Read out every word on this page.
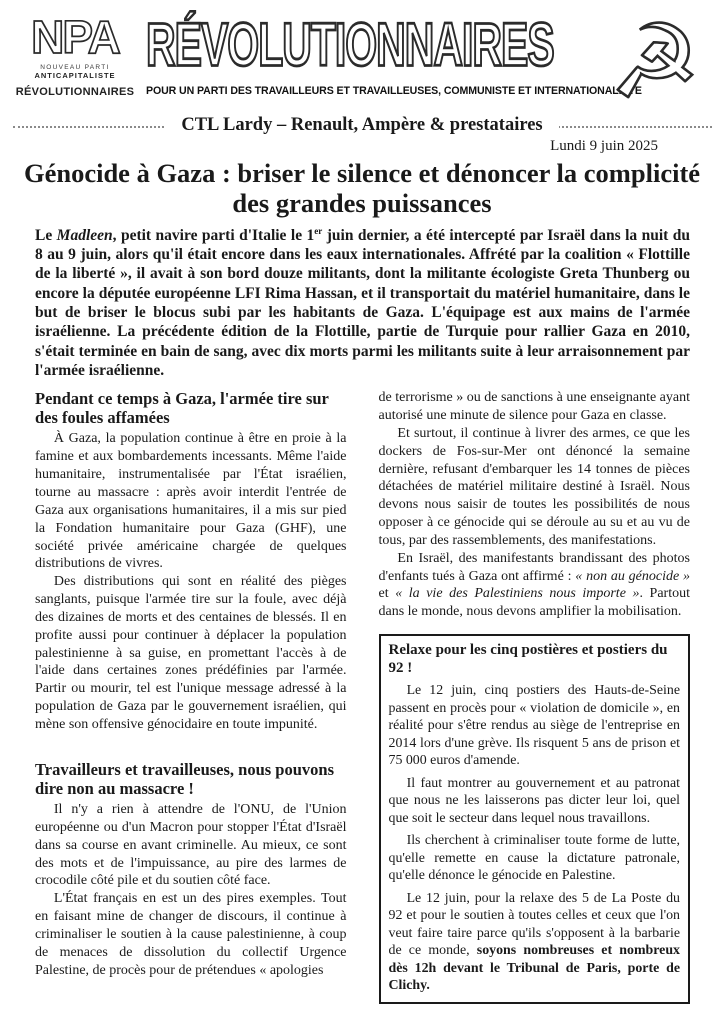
NPA
NOUVEAU PARTI
ANTICAPITALISTE
RÉVOLUTIONNAIRES
RÉVOLUTIONNAIRES
POUR UN PARTI DES TRAVAILLEURS ET TRAVAILLEUSES, COMMUNISTE ET INTERNATIONALISTE
☭
CTL Lardy – Renault, Ampère & prestataires
Lundi 9 juin 2025
Génocide à Gaza : briser le silence et dénoncer la complicité des grandes puissances

Le Madleen, petit navire parti d'Italie le 1er juin dernier, a été intercepté par Israël dans la nuit du 8 au 9 juin, alors qu'il était encore dans les eaux internationales. Affrété par la coalition « Flottille de la liberté », il avait à son bord douze militants, dont la militante écologiste Greta Thunberg ou encore la députée européenne LFI Rima Hassan, et il transportait du matériel humanitaire, dans le but de briser le blocus subi par les habitants de Gaza. L'équipage est aux mains de l'armée israélienne. La précédente édition de la Flottille, partie de Turquie pour rallier Gaza en 2010, s'était terminée en bain de sang, avec dix morts parmi les militants suite à leur arraisonnement par l'armée israélienne.

Pendant ce temps à Gaza, l'armée tire sur des foules affamées

À Gaza, la population continue à être en proie à la famine et aux bombardements incessants. Même l'aide humanitaire, instrumentalisée par l'État israélien, tourne au massacre : après avoir interdit l'entrée de Gaza aux organisations humanitaires, il a mis sur pied la Fondation humanitaire pour Gaza (GHF), une société privée américaine chargée de quelques distributions de vivres.

Des distributions qui sont en réalité des pièges sanglants, puisque l'armée tire sur la foule, avec déjà des dizaines de morts et des centaines de blessés. Il en profite aussi pour continuer à déplacer la population palestinienne à sa guise, en promettant l'accès à de l'aide dans certaines zones prédéfinies par l'armée. Partir ou mourir, tel est l'unique message adressé à la population de Gaza par le gouvernement israélien, qui mène son offensive génocidaire en toute impunité.

Travailleurs et travailleuses, nous pouvons dire non au massacre !

Il n'y a rien à attendre de l'ONU, de l'Union européenne ou d'un Macron pour stopper l'État d'Israël dans sa course en avant criminelle. Au mieux, ce sont des mots et de l'impuissance, au pire des larmes de crocodile côté pile et du soutien côté face.

L'État français en est un des pires exemples. Tout en faisant mine de changer de discours, il continue à criminaliser le soutien à la cause palestinienne, à coup de menaces de dissolution du collectif Urgence Palestine, de procès pour de prétendues « apologies

de terrorisme » ou de sanctions à une enseignante ayant autorisé une minute de silence pour Gaza en classe.

Et surtout, il continue à livrer des armes, ce que les dockers de Fos-sur-Mer ont dénoncé la semaine dernière, refusant d'embarquer les 14 tonnes de pièces détachées de matériel militaire destiné à Israël. Nous devons nous saisir de toutes les possibilités de nous opposer à ce génocide qui se déroule au su et au vu de tous, par des rassemblements, des manifestations.

En Israël, des manifestants brandissant des photos d'enfants tués à Gaza ont affirmé : « non au génocide » et « la vie des Palestiniens nous importe ». Partout dans le monde, nous devons amplifier la mobilisation.

Relaxe pour les cinq postières et postiers du 92 !

Le 12 juin, cinq postiers des Hauts-de-Seine passent en procès pour « violation de domicile », en réalité pour s'être rendus au siège de l'entreprise en 2014 lors d'une grève. Ils risquent 5 ans de prison et 75 000 euros d'amende.

Il faut montrer au gouvernement et au patronat que nous ne les laisserons pas dicter leur loi, quel que soit le secteur dans lequel nous travaillons.

Ils cherchent à criminaliser toute forme de lutte, qu'elle remette en cause la dictature patronale, qu'elle dénonce le génocide en Palestine.

Le 12 juin, pour la relaxe des 5 de La Poste du 92 et pour le soutien à toutes celles et ceux que l'on veut faire taire parce qu'ils s'opposent à la barbarie de ce monde, soyons nombreuses et nombreux dès 12h devant le Tribunal de Paris, porte de Clichy.
